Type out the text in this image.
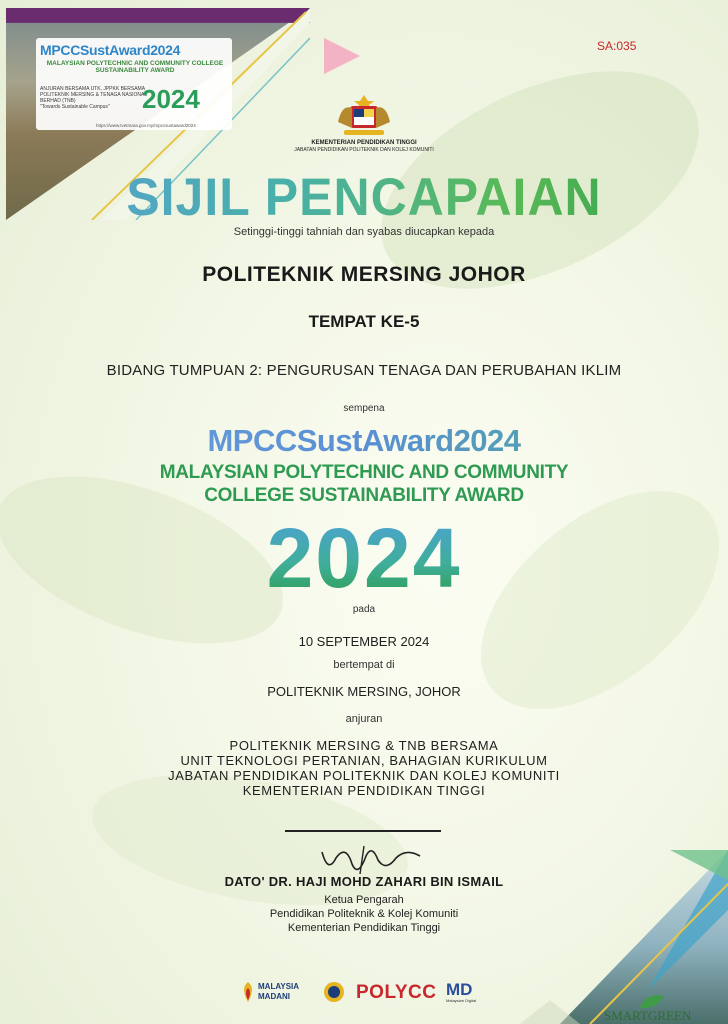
MPCCSustAward2024
MALAYSIAN POLYTECHNIC AND COMMUNITY COLLEGE SUSTAINABILITY AWARD
ANJURAN BERSAMA UTK, JPPKK BERSAMA POLITEKNIK MERSING & TENAGA NASIONAL BERHAD (TNB)
"Towards Sustainable Campus"	2024
https://www.tvetmara.gov.my/mpccsustaward2024
SA:035
KEMENTERIAN PENDIDIKAN TINGGI
JABATAN PENDIDIKAN POLITEKNIK DAN KOLEJ KOMUNITI
SIJIL PENCAPAIAN
Setinggi-tinggi tahniah dan syabas diucapkan kepada
POLITEKNIK MERSING JOHOR
TEMPAT KE-5
BIDANG TUMPUAN 2: PENGURUSAN TENAGA DAN PERUBAHAN IKLIM
sempena
MPCCSustAward2024
MALAYSIAN POLYTECHNIC AND COMMUNITY
COLLEGE SUSTAINABILITY AWARD
2024
pada
10 SEPTEMBER 2024
bertempat di
POLITEKNIK MERSING, JOHOR
anjuran
POLITEKNIK MERSING & TNB BERSAMA
UNIT TEKNOLOGI PERTANIAN, BAHAGIAN KURIKULUM
JABATAN PENDIDIKAN POLITEKNIK DAN KOLEJ KOMUNITI
KEMENTERIAN PENDIDIKAN TINGGI
DATO' DR. HAJI MOHD ZAHARI BIN ISMAIL
Ketua Pengarah
Pendidikan Politeknik & Kolej Komuniti
Kementerian Pendidikan Tinggi
MALAYSIA
MADANI	POLYCC MD
Malaysian Digital
SMARTGREEN
